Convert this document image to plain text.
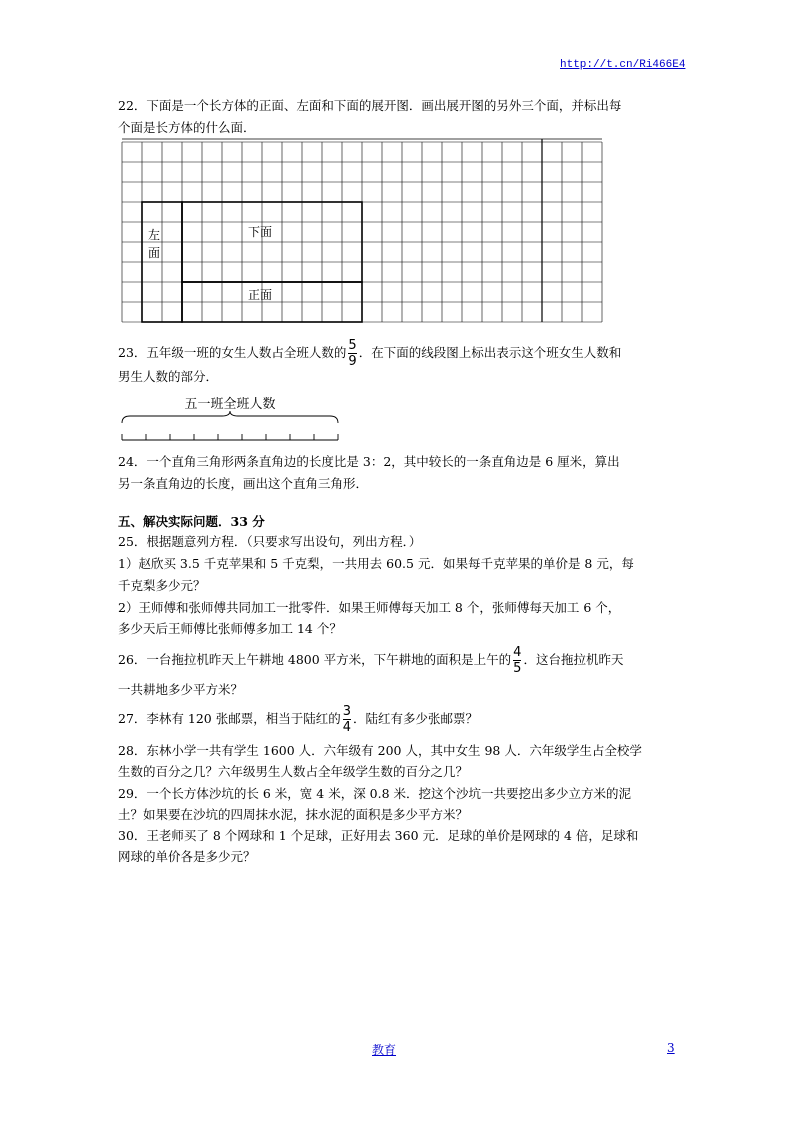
http://t.cn/Ri466E4
22．下面是一个长方体的正面、左面和下面的展开图．画出展开图的另外三个面，并标出每
个面是长方体的什么面．
左
面
下面
正面
23．五年级一班的女生人数占全班人数的 $\frac{5}{9}$ ．在下面的线段图上标出表示这个班女生人数和
男生人数的部分．
五一班全班人数
24．一个直角三角形两条直角边的长度比是 3：2，其中较长的一条直角边是 6 厘米，算出
另一条直角边的长度，画出这个直角三角形．
五、解决实际问题．33 分
25．根据题意列方程．（只要求写出设句，列出方程．）
1）赵欣买 3.5 千克苹果和 5 千克梨，一共用去 60.5 元．如果每千克苹果的单价是 8 元，每
千克梨多少元？
2）王师傅和张师傅共同加工一批零件．如果王师傅每天加工 8 个，张师傅每天加工 6 个，
多少天后王师傅比张师傅多加工 14 个？
26．一台拖拉机昨天上午耕地 4800 平方米，下午耕地的面积是上午的 $\frac{4}{5}$ ．这台拖拉机昨天
一共耕地多少平方米？
27．李林有 120 张邮票，相当于陆红的 $\frac{3}{4}$ ．陆红有多少张邮票？
28．东林小学一共有学生 1600 人．六年级有 200 人，其中女生 98 人．六年级学生占全校学
生数的百分之几？六年级男生人数占全年级学生数的百分之几？
29．一个长方体沙坑的长 6 米，宽 4 米，深 0.8 米．挖这个沙坑一共要挖出多少立方米的泥
土？如果要在沙坑的四周抹水泥，抹水泥的面积是多少平方米？
30．王老师买了 8 个网球和 1 个足球，正好用去 360 元．足球的单价是网球的 4 倍，足球和
网球的单价各是多少元？
教育	3
